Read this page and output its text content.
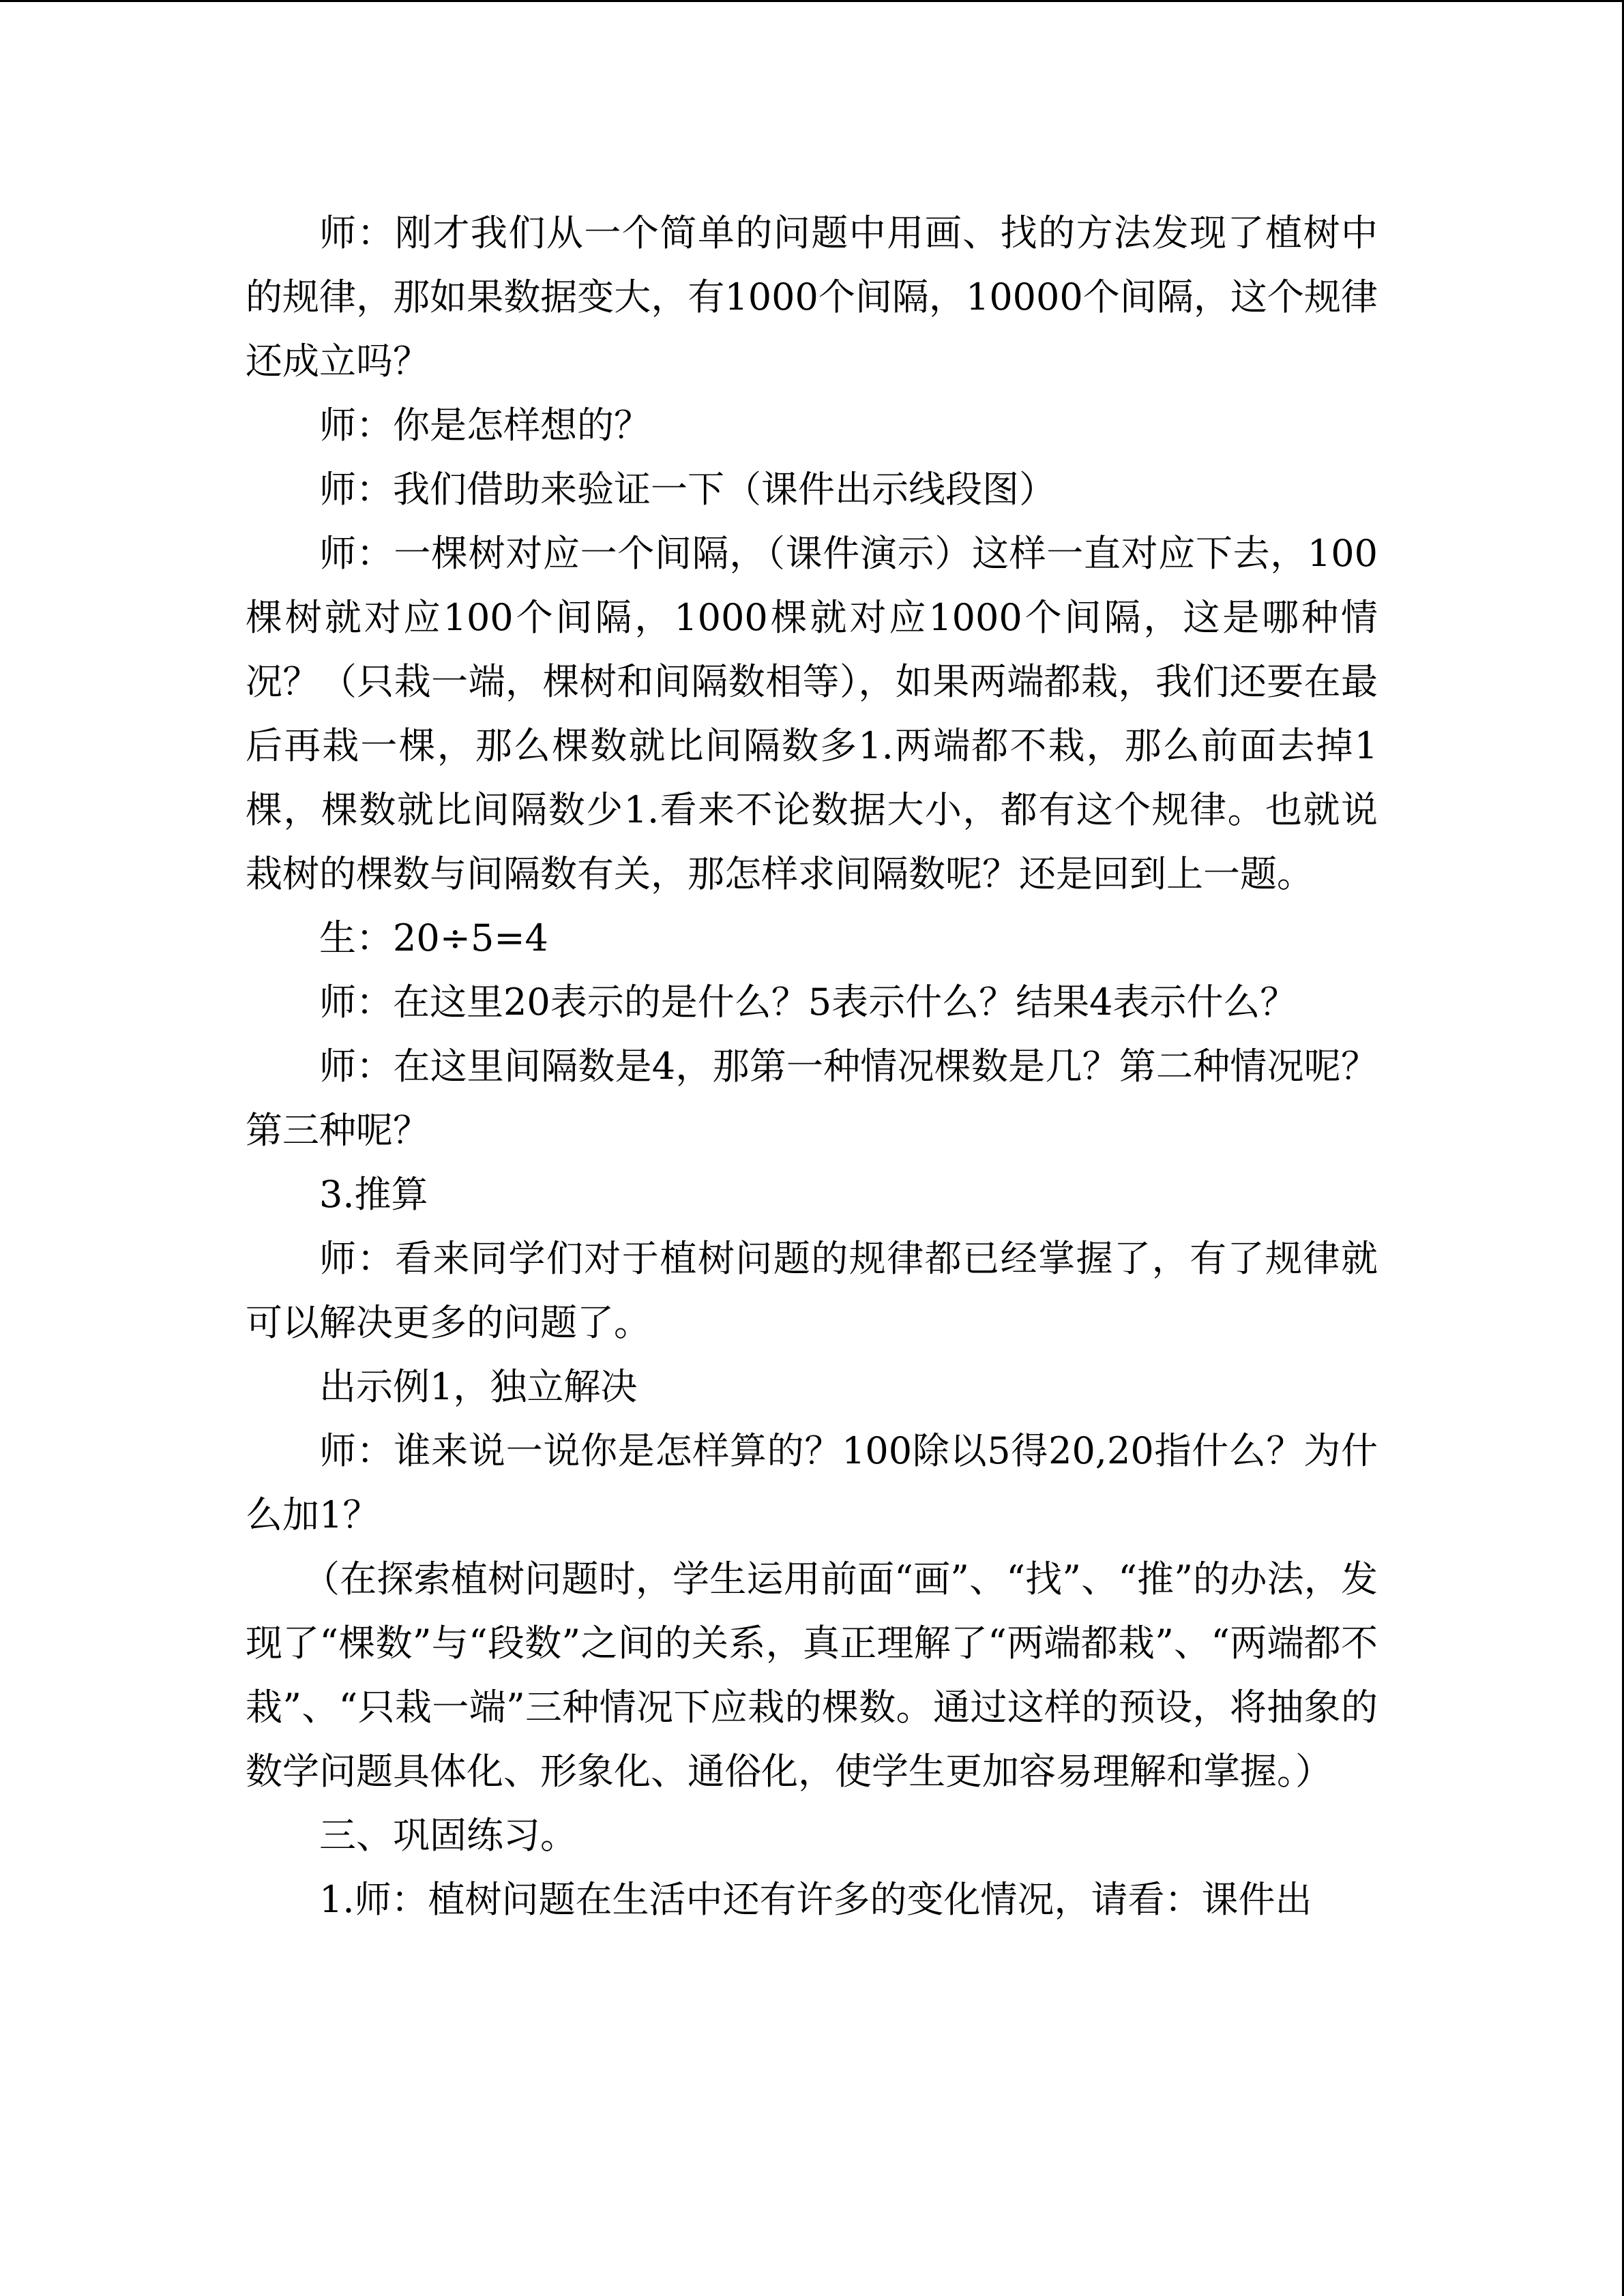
师：刚才我们从一个简单的问题中用画、找的方法发现了植树中的规律，那如果数据变大，有1000个间隔，10000个间隔，这个规律还成立吗？

师：你是怎样想的？

师：我们借助来验证一下（课件出示线段图）

师：一棵树对应一个间隔，（课件演示）这样一直对应下去，100棵树就对应100个间隔，1000棵就对应1000个间隔，这是哪种情况？（只栽一端，棵树和间隔数相等），如果两端都栽，我们还要在最后再栽一棵，那么棵数就比间隔数多1.两端都不栽，那么前面去掉1棵，棵数就比间隔数少1.看来不论数据大小，都有这个规律。也就说栽树的棵数与间隔数有关，那怎样求间隔数呢？还是回到上一题。

生：20÷5=4

师：在这里20表示的是什么？5表示什么？结果4表示什么？

师：在这里间隔数是4，那第一种情况棵数是几？第二种情况呢？第三种呢？

3.推算

师：看来同学们对于植树问题的规律都已经掌握了，有了规律就可以解决更多的问题了。

出示例1，独立解决

师：谁来说一说你是怎样算的？100除以5得20,20指什么？为什么加1？

（在探索植树问题时，学生运用前面“画”、“找”、“推”的办法，发现了“棵数”与“段数”之间的关系，真正理解了“两端都栽”、“两端都不栽”、“只栽一端”三种情况下应栽的棵数。通过这样的预设，将抽象的数学问题具体化、形象化、通俗化，使学生更加容易理解和掌握。）

三、巩固练习。

1.师：植树问题在生活中还有许多的变化情况，请看：课件出
